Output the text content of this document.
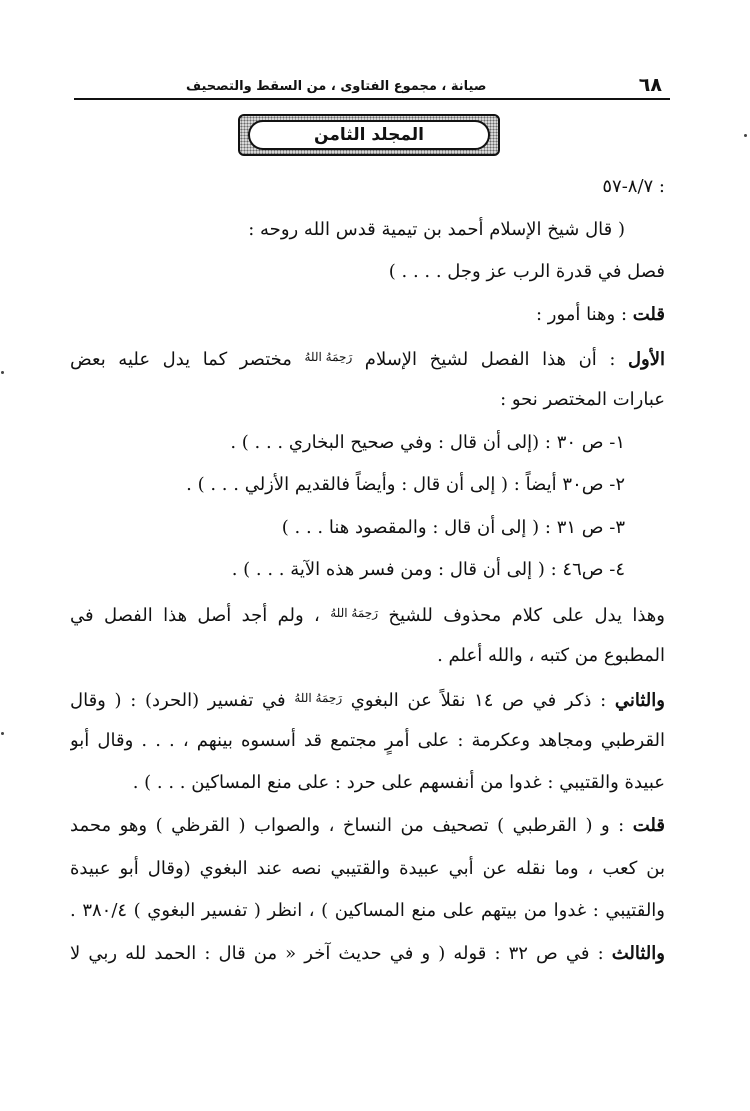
٦٨
صيانة ، مجموع الفتاوى ، من السقط والتصحيف
المجلد الثامن
: ٨/٧-٥٧
( قال شيخ الإسلام أحمد بن تيمية قدس الله روحه :
فصل في قدرة الرب عز وجل . . . . )
قلت : وهنا أمور :
الأول : أن هذا الفصل لشيخ الإسلام رَحِمَهُ اللهُ مختصر كما يدل عليه بعض
عبارات المختصر نحو :
١- ص ٣٠ : (إلى أن قال : وفي صحيح البخاري . . . ) .
٢- ص٣٠ أيضاً : ( إلى أن قال : وأيضاً فالقديم الأزلي . . . ) .
٣- ص ٣١ : ( إلى أن قال : والمقصود هنا . . . )
٤- ص٤٦ : ( إلى أن قال : ومن فسر هذه الآية . . . ) .
وهذا يدل على كلام محذوف للشيخ رَحِمَهُ اللهُ ، ولم أجد أصل هذا الفصل في
المطبوع من كتبه ، والله أعلم .
والثاني : ذكر في ص ١٤ نقلاً عن البغوي رَحِمَهُ اللهُ في تفسير (الحرد) : ( وقال
القرطبي ومجاهد وعكرمة : على أمرٍ مجتمع قد أسسوه بينهم ، . . . وقال أبو
عبيدة والقتيبي : غدوا من أنفسهم على حرد : على منع المساكين . . . ) .
قلت : و ( القرطبي ) تصحيف من النساخ ، والصواب ( القرظي ) وهو محمد
بن كعب ، وما نقله عن أبي عبيدة والقتيبي نصه عند البغوي (وقال أبو عبيدة
والقتيبي : غدوا من بيتهم على منع المساكين ) ، انظر ( تفسير البغوي ) ٣٨٠/٤ .
والثالث : في ص ٣٢ : قوله ( و في حديث آخر « من قال : الحمد لله ربي لا
